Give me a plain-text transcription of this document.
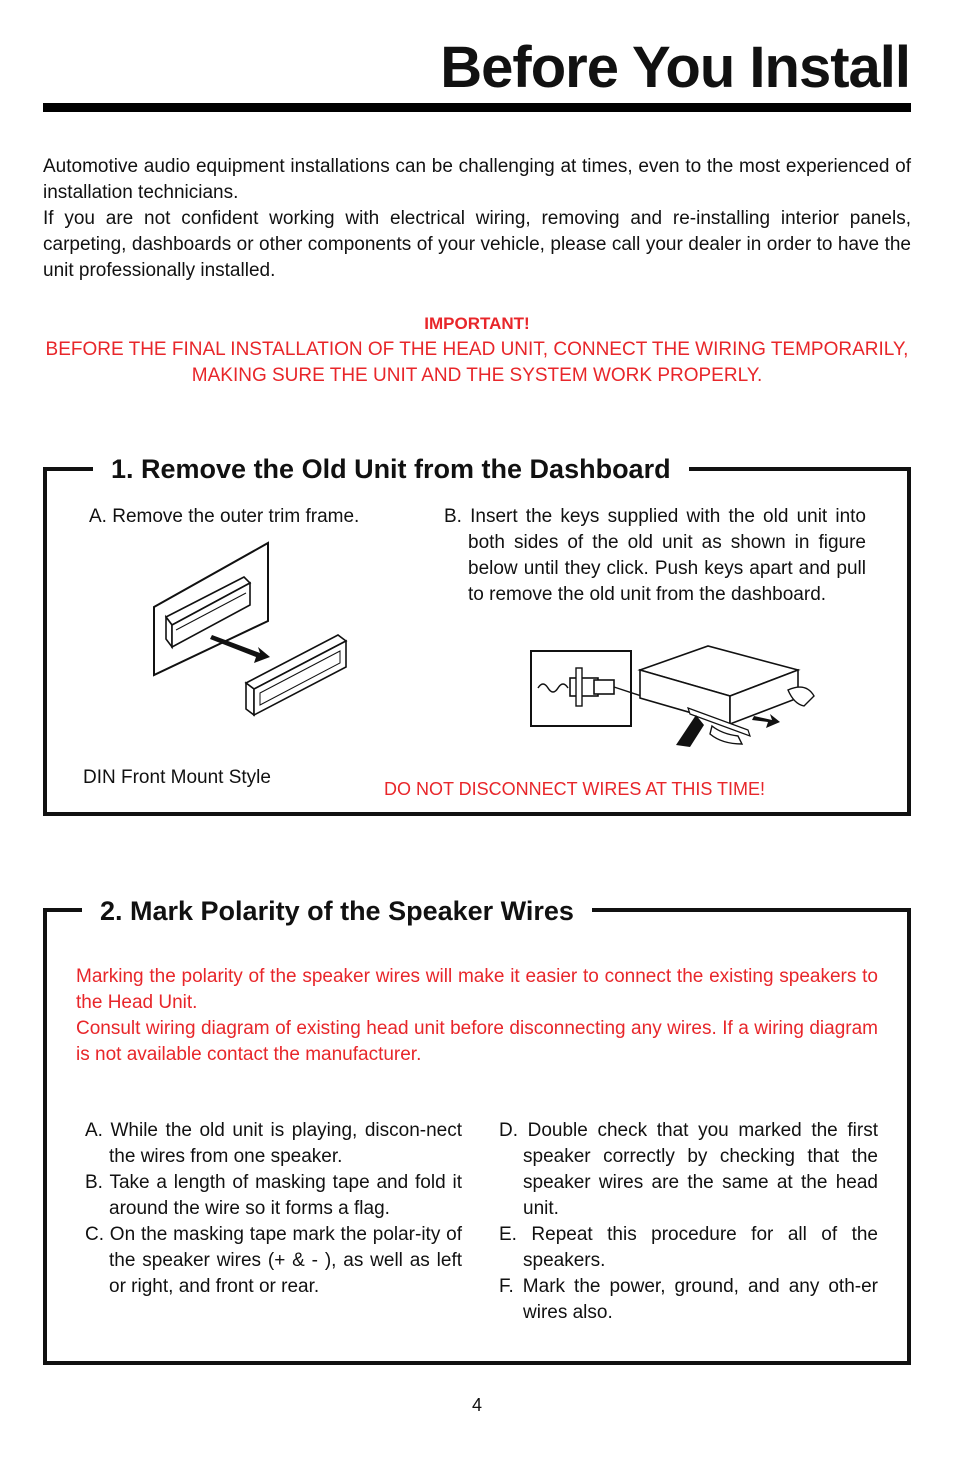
Before You Install

Automotive audio equipment installations can be challenging at times, even to the most experienced of installation technicians.

If you are not confident working with electrical wiring, removing and re-installing interior panels, carpeting, dashboards or other components of your vehicle, please call your dealer in order to have the unit professionally installed.

IMPORTANT!
BEFORE THE FINAL INSTALLATION OF THE HEAD UNIT, CONNECT THE WIRING TEMPORARILY, MAKING SURE THE UNIT AND THE SYSTEM WORK PROPERLY.
1. Remove the Old Unit from the Dashboard
A. Remove the outer trim frame.	B. Insert the keys supplied with the old unit into both sides of the old unit as shown in figure below until they click. Push keys apart and pull to remove the old unit from the dashboard.
DIN Front Mount Style
DO NOT DISCONNECT WIRES AT THIS TIME!
2. Mark Polarity of the Speaker Wires
Marking the polarity of the speaker wires will make it easier to connect the existing speakers to the Head Unit.
Consult wiring diagram of existing head unit before disconnecting any wires. If a wiring diagram is not available contact the manufacturer.
A. While the old unit is playing, discon-nect the wires from one speaker.
B. Take a length of masking tape and fold it around the wire so it forms a flag.
C. On the masking tape mark the polar-ity of the speaker wires (+ & - ), as well as left or right, and front or rear.
D. Double check that you marked the first speaker correctly by checking that the speaker wires are the same at the head unit.
E. Repeat this procedure for all of the speakers.
F. Mark the power, ground, and any oth-er wires also.
4
